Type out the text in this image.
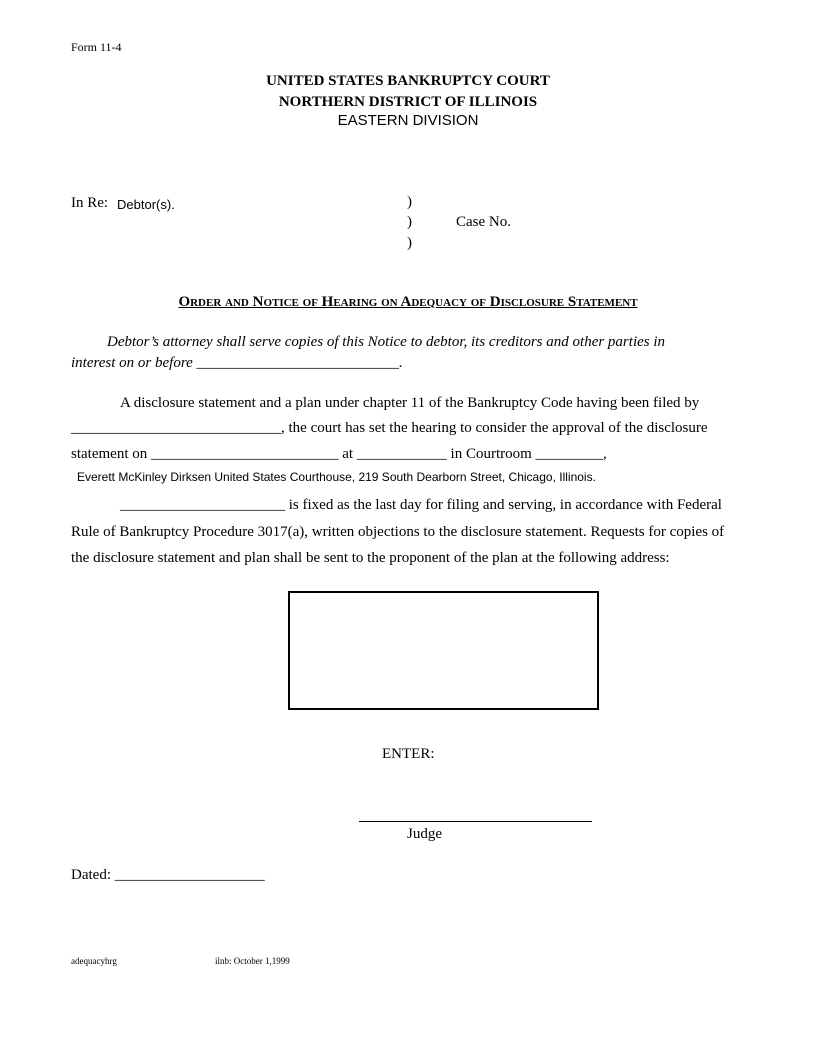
Form 11-4
UNITED STATES BANKRUPTCY COURT
NORTHERN DISTRICT OF ILLINOIS
EASTERN DIVISION
In Re: Debtor(s).	)
)
)
Case No.
Order and Notice of Hearing on Adequacy of Disclosure Statement
Debtor’s attorney shall serve copies of this Notice to debtor, its creditors and other parties in
interest on or before ___________________________.
A disclosure statement and a plan under chapter 11 of the Bankruptcy Code having been filed by
____________________________, the court has set the hearing to consider the approval of the disclosure
statement on _________________________ at ____________ in Courtroom _________,
Everett McKinley Dirksen United States Courthouse, 219 South Dearborn Street, Chicago, Illinois.
______________________ is fixed as the last day for filing and serving, in accordance with Federal
Rule of Bankruptcy Procedure 3017(a), written objections to the disclosure statement. Requests for copies of
the disclosure statement and plan shall be sent to the proponent of the plan at the following address:
ENTER:
Judge
Dated: ____________________
adequacyhrg	ilnb: October 1,1999
